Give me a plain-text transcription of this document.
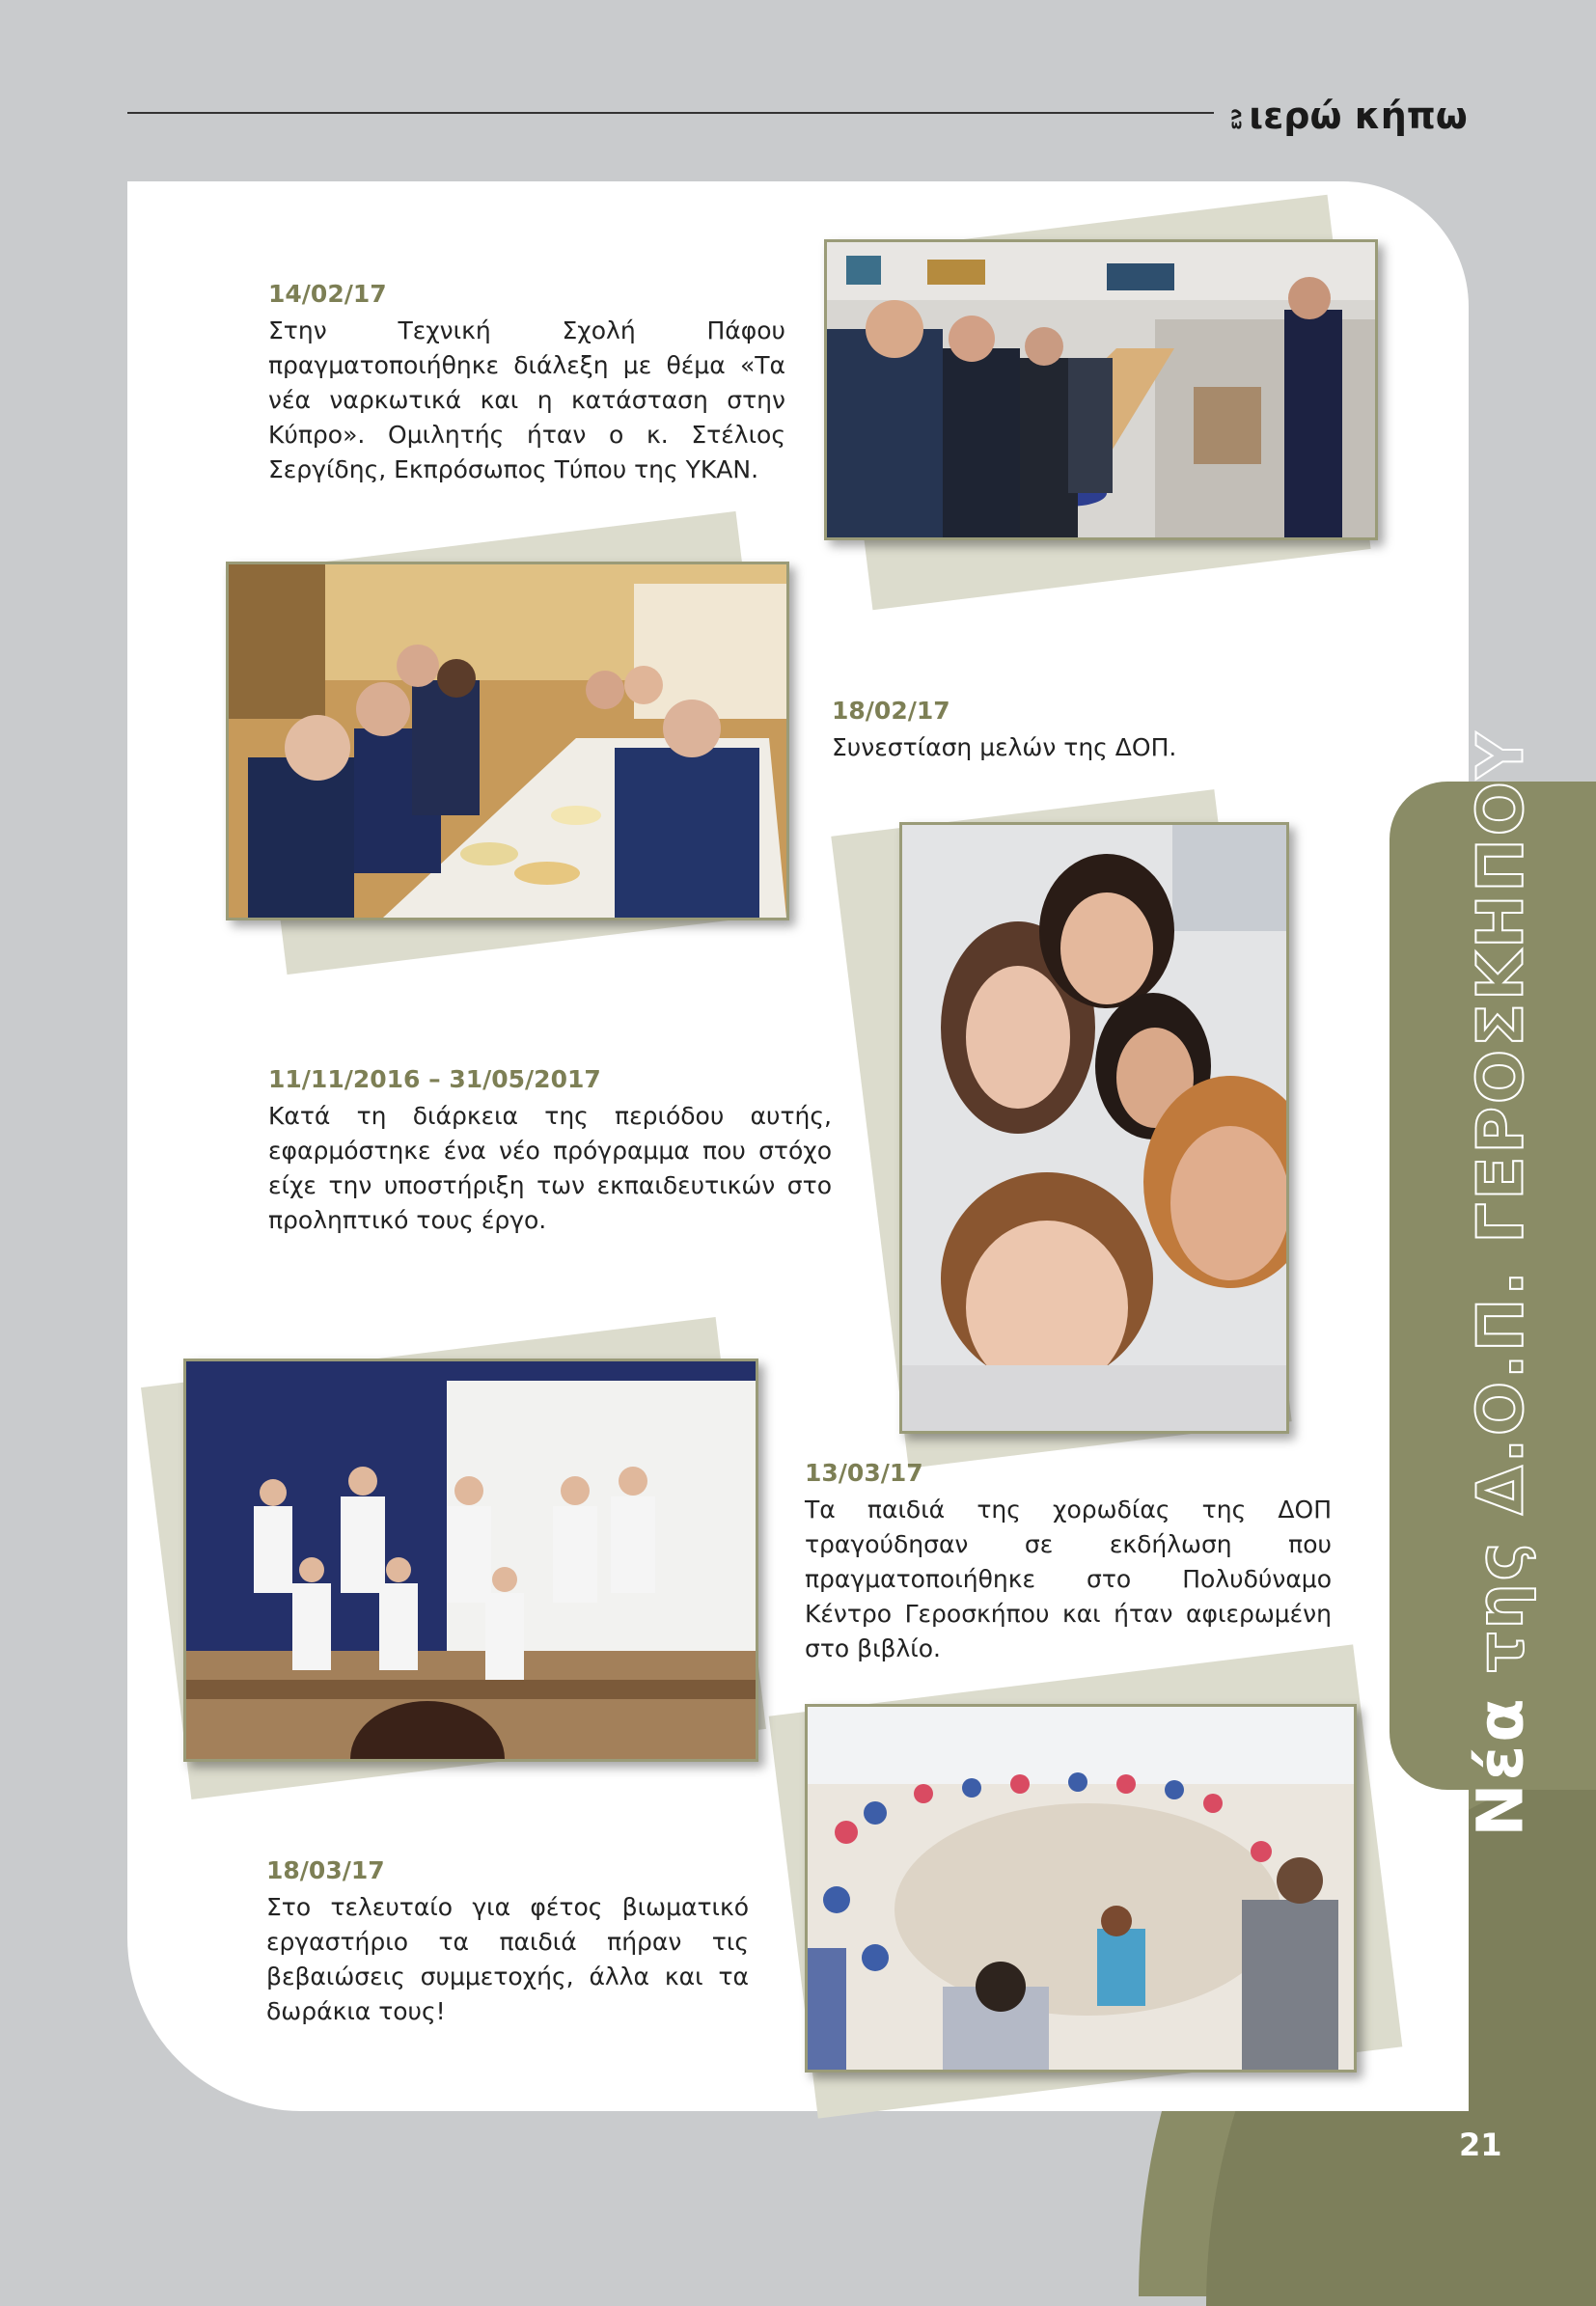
εν ιερώ κήπω
Νέα της Δ.Ο.Π. ΓΕΡΟΣΚΗΠΟΥ
14/02/17
Στην Τεχνική Σχολή Πάφου πραγματοποιήθηκε διάλεξη με θέμα «Τα νέα ναρκωτικά και η κατάσταση στην Κύπρο». Ομιλητής ήταν ο κ. Στέλιος Σεργίδης, Εκπρόσωπος Τύπου της ΥΚΑΝ.
18/02/17
Συνεστίαση μελών της ΔΟΠ.
11/11/2016 – 31/05/2017
Κατά τη διάρκεια της περιόδου αυτής, εφαρμόστηκε ένα νέο πρόγραμμα που στόχο είχε την υποστήριξη των εκπαιδευτικών στο προληπτικό τους έργο.
13/03/17
Τα παιδιά της χορωδίας της ΔΟΠ τραγούδησαν σε εκδήλωση που πραγματοποιήθηκε στο Πολυδύναμο Κέντρο Γεροσκήπου και ήταν αφιερωμένη στο βιβλίο.
18/03/17
Στο τελευταίο για φέτος βιωματικό εργαστήριο τα παιδιά πήραν τις βεβαιώσεις συμμετοχής, άλλα και τα δωράκια τους!
21
